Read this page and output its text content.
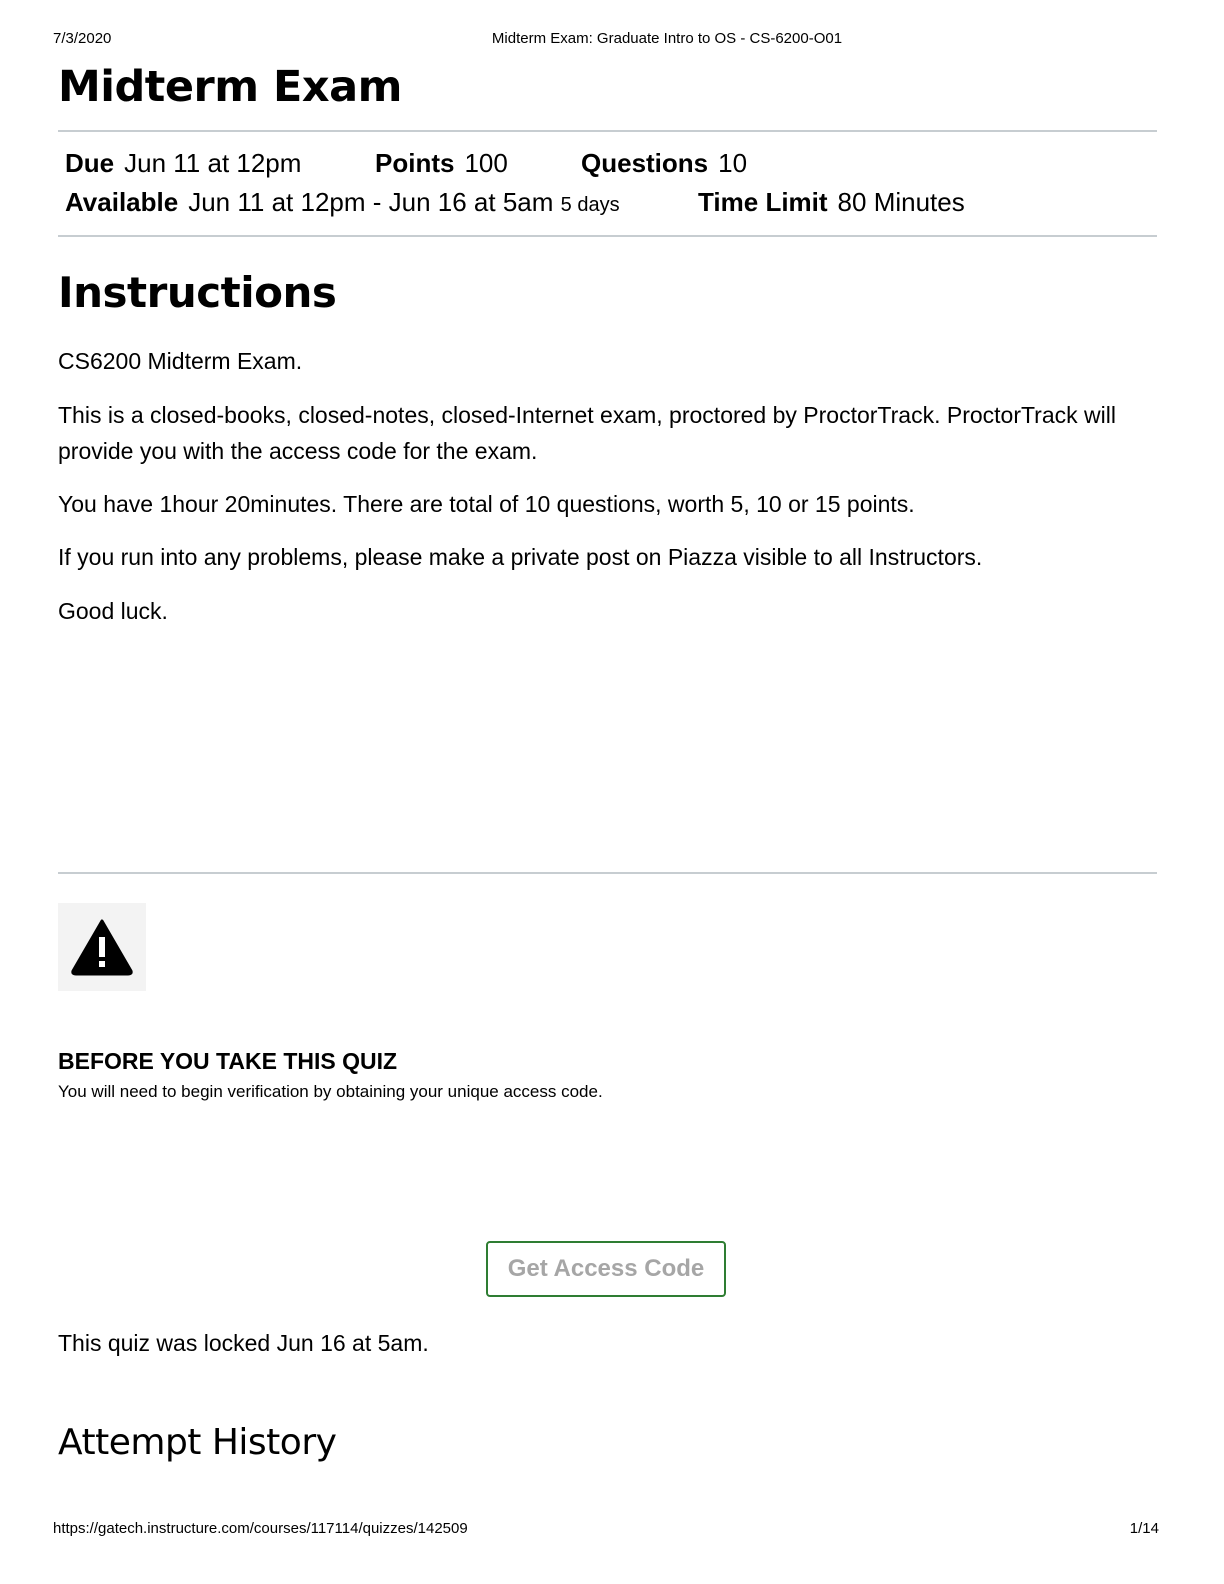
7/3/2020	Midterm Exam: Graduate Intro to OS - CS-6200-O01
Midterm Exam
Due Jun 11 at 12pm	Points 100	Questions 10
Available Jun 11 at 12pm - Jun 16 at 5am 5 days	Time Limit 80 Minutes
Instructions

CS6200 Midterm Exam.

This is a closed-books, closed-notes, closed-Internet exam, proctored by ProctorTrack. ProctorTrack will provide you with the access code for the exam.

You have 1hour 20minutes. There are total of 10 questions, worth 5, 10 or 15 points.

If you run into any problems, please make a private post on Piazza visible to all Instructors.

Good luck.

BEFORE YOU TAKE THIS QUIZ

You will need to begin verification by obtaining your unique access code.

Get Access Code

This quiz was locked Jun 16 at 5am.

Attempt History
https://gatech.instructure.com/courses/117114/quizzes/142509	1/14
